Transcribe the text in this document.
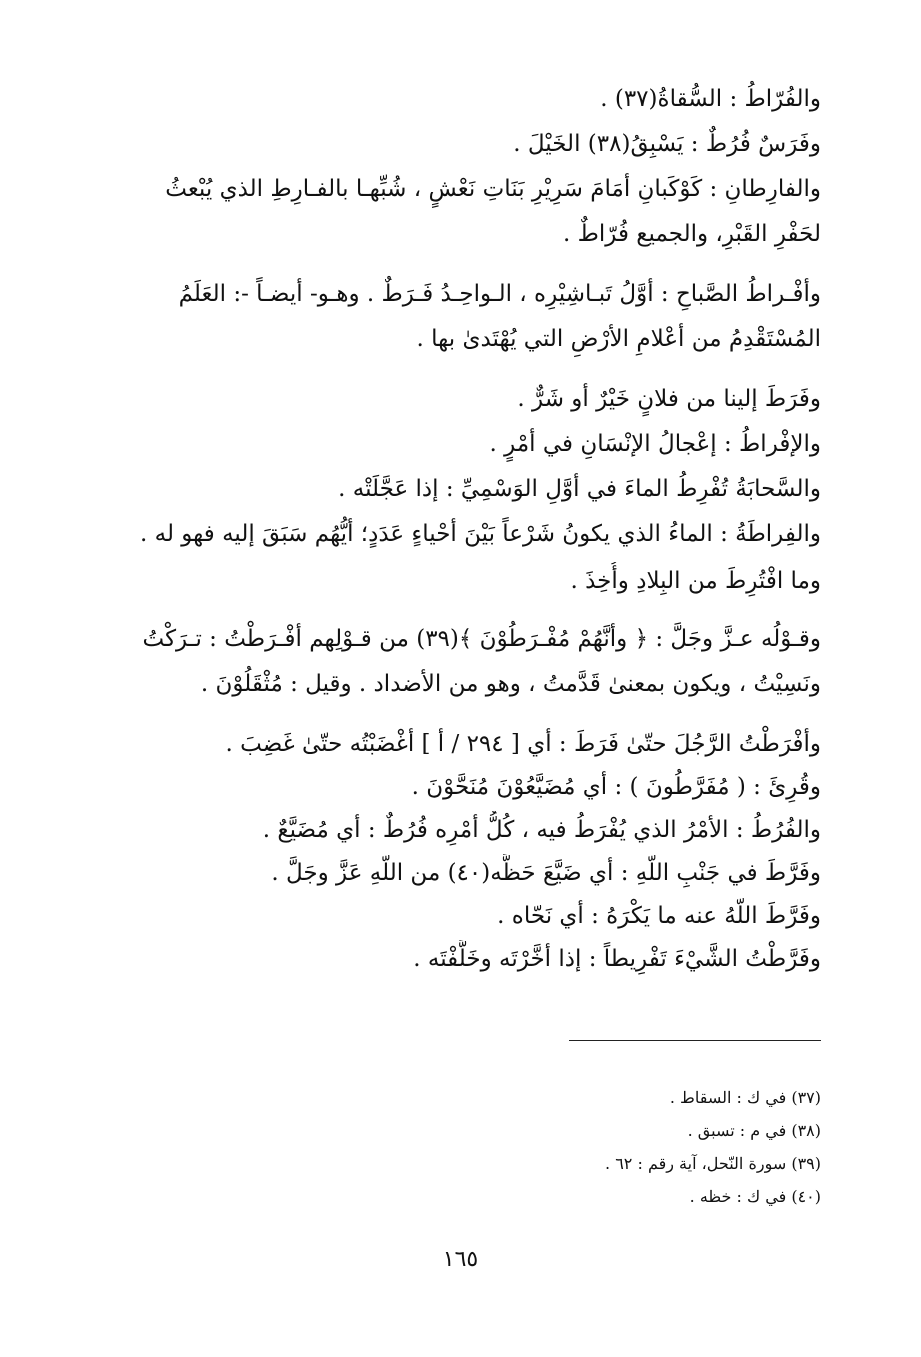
والفُرّاطُ : السُّقاةُ(٣٧) .
وفَرَسٌ فُرُطٌ : يَسْبِقُ(٣٨) الخَيْلَ .
والفارِطانِ : كَوْكَبانِ أمَامَ سَرِيْرِ بَنَاتِ نَعْشٍ ، شُبِّهـا بالفـارِطِ الذي يُبْعثُ
لحَفْرِ القَبْرِ، والجميع فُرّاطٌ .
وأفْـراطُ الصَّباحِ : أوَّلُ تَبـاشِيْرِه ، الـواحِـدُ فَـرَطٌ . وهـو- أيضـاً -: العَلَمُ
المُسْتَقْدِمُ من أعْلامِ الأرْضِ التي يُهْتَدىٰ بها .
وفَرَطَ إلينا من فلانٍ خَيْرٌ أو شَرٌّ .
والإفْراطُ : إعْجالُ الإنْسَانِ في أمْرٍ .
والسَّحابَةُ تُفْرِطُ الماءَ في أوَّلِ الوَسْمِيِّ : إذا عَجَّلَتْه .
والفِراطَةُ : الماءُ الذي يكونُ شَرْعاً بَيْنَ أحْياءٍ عَدَدٍ؛ أيُّهُم سَبَقَ إليه فهو له .
وما افْتُرِطَ من البِلادِ وأُخِذَ .
وقـوْلُه عـزَّ وجَلَّ : ﴿ وأنَّهُمْ مُفْـرَطُوْنَ ﴾(٣٩) من قـوْلِهم أفْـرَطْتُ : تـرَكْتُ
ونَسِيْتُ ، ويكون بمعنىٰ قَدَّمتُ ، وهو من الأضداد . وقيل : مُثْقَلُوْنَ .
وأفْرَطْتُ الرَّجُلَ حتّىٰ فَرَطَ : أي [ ٢٩٤ / أ ] أغْضَبْتُه حتّىٰ غَضِبَ .
وقُرِئَ : ( مُفَرَّطُونَ ) : أي مُضَيَّعُوْنَ مُنَحَّوْنَ .
والفُرُطُ : الأمْرُ الذي يُفْرَطُ فيه ، كُلُّ أمْرِه فُرُطٌ : أي مُضَيَّعٌ .
وفَرَّطَ في جَنْبِ اللّهِ : أي ضَيَّعَ حَظَّه(٤٠) من اللّهِ عَزَّ وجَلَّ .
وفَرَّطَ اللّهُ عنه ما يَكْرَهُ : أي نَحّاه .
وفَرَّطْتُ الشَّيْءَ تَفْرِيطاً : إذا أخَّرْتَه وخَلَّفْتَه .
(٣٧) في ك : السقاط .
(٣٨) في م : تسبق .
(٣٩) سورة النّحل، آية رقم : ٦٢ .
(٤٠) في ك : خظه .
١٦٥
